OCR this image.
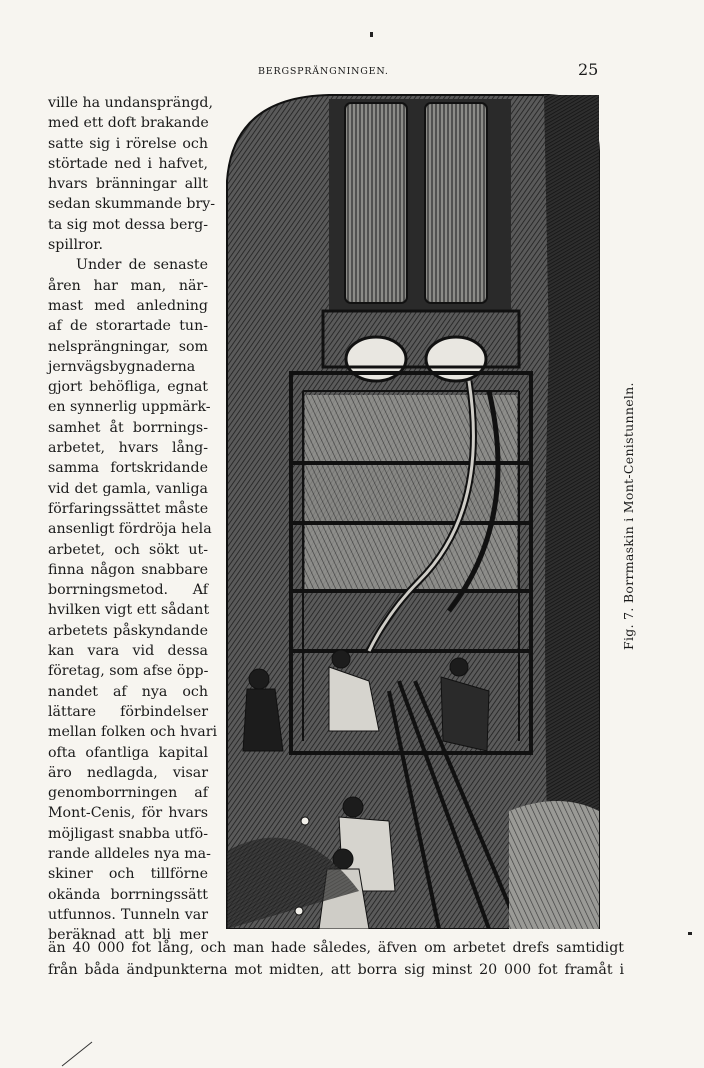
BERGSPRÄNGNINGEN.	25
ville ha undansprängd,
med ett doft brakande
satte sig i rörelse och
störtade ned i hafvet,
hvars bränningar allt
sedan skummande bry-
ta sig mot dessa berg-
spillror.
Under de senaste
åren har man, när-
mast med anledning
af de storartade tun-
nelsprängningar, som
jernvägsbygnaderna
gjort behöfliga, egnat
en synnerlig uppmärk-
samhet åt borrnings-
arbetet, hvars lång-
samma fortskridande
vid det gamla, vanliga
förfaringssättet måste
ansenligt fördröja hela
arbetet, och sökt ut-
finna någon snabbare
borrningsmetod. Af
hvilken vigt ett sådant
arbetets påskyndande
kan vara vid dessa
företag, som afse öpp-
nandet af nya och
lättare förbindelser
mellan folken och hvari
ofta ofantliga kapital
äro nedlagda, visar
genomborrningen af
Mont-Cenis, för hvars
möjligast snabba utfö-
rande alldeles nya ma-
skiner och tillförne
okända borrningssätt
utfunnos. Tunneln var
beräknad att bli mer
Fig. 7. Borrmaskin i Mont-Cenistunneln.
än 40 000 fot lång, och man hade således, äfven om arbetet drefs samtidigt
från båda ändpunkterna mot midten, att borra sig minst 20 000 fot framåt i
